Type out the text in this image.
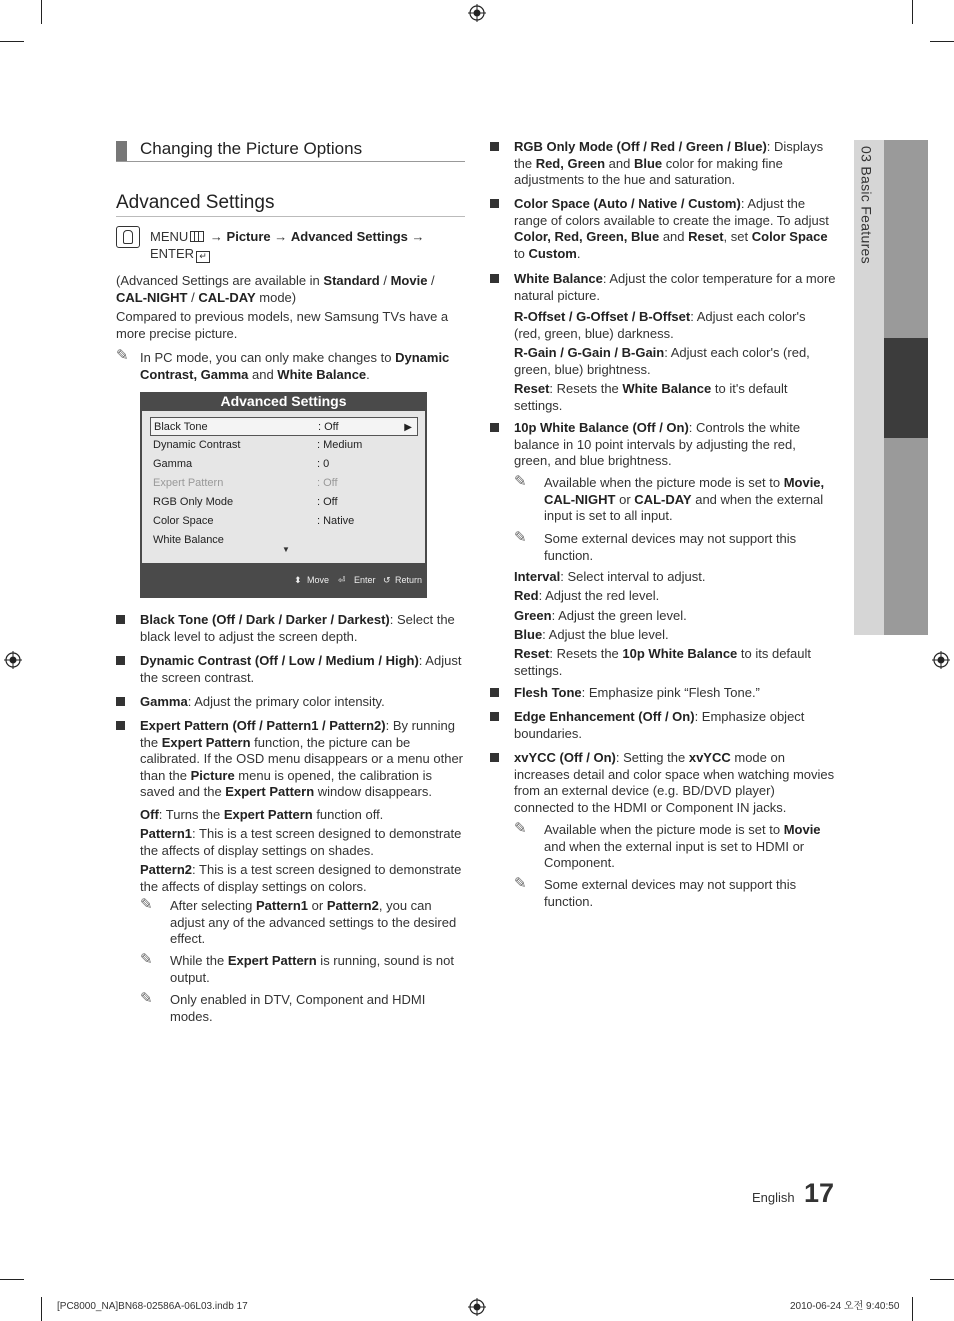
Changing the Picture Options
Advanced Settings
MENU → Picture → Advanced Settings →
ENTER ↵
(Advanced Settings are available in Standard / Movie /
CAL-NIGHT / CAL-DAY mode)
Compared to previous models, new Samsung TVs have a more precise picture.
✎ In PC mode, you can only make changes to Dynamic Contrast, Gamma and White Balance.
Advanced Settings
Black Tone	: Off	▶
Dynamic Contrast	: Medium
Gamma	: 0
Expert Pattern	: Off
RGB Only Mode	: Off
Color Space	: Native
White Balance
▼
⬍ Move ⏎ Enter ↺ Return
Black Tone (Off / Dark / Darker / Darkest): Select the black level to adjust the screen depth.
Dynamic Contrast (Off / Low / Medium / High): Adjust the screen contrast.
Gamma: Adjust the primary color intensity.
Expert Pattern (Off / Pattern1 / Pattern2): By running the Expert Pattern function, the picture can be calibrated. If the OSD menu disappears or a menu other than the Picture menu is opened, the calibration is saved and the Expert Pattern window disappears.
Off: Turns the Expert Pattern function off.
Pattern1: This is a test screen designed to demonstrate the affects of display settings on shades.
Pattern2: This is a test screen designed to demonstrate the affects of display settings on colors.
✎	After selecting Pattern1 or Pattern2, you can adjust any of the advanced settings to the desired effect.
✎	While the Expert Pattern is running, sound is not output.
✎	Only enabled in DTV, Component and HDMI modes.
RGB Only Mode (Off / Red / Green / Blue): Displays the Red, Green and Blue color for making fine adjustments to the hue and saturation.
Color Space (Auto / Native / Custom): Adjust the range of colors available to create the image. To adjust Color, Red, Green, Blue and Reset, set Color Space to Custom.
White Balance: Adjust the color temperature for a more natural picture.
R-Offset / G-Offset / B-Offset: Adjust each color's (red, green, blue) darkness.
R-Gain / G-Gain / B-Gain: Adjust each color's (red, green, blue) brightness.
Reset: Resets the White Balance to it's default settings.
10p White Balance (Off / On): Controls the white balance in 10 point intervals by adjusting the red, green, and blue brightness.
✎	Available when the picture mode is set to Movie,
CAL-NIGHT or CAL-DAY and when the external input is set to all input.
✎	Some external devices may not support this function.
Interval: Select interval to adjust.
Red: Adjust the red level.
Green: Adjust the green level.
Blue: Adjust the blue level.
Reset: Resets the 10p White Balance to its default settings.
Flesh Tone: Emphasize pink “Flesh Tone.”
Edge Enhancement (Off / On): Emphasize object boundaries.
xvYCC (Off / On): Setting the xvYCC mode on increases detail and color space when watching movies from an external device (e.g. BD/DVD player) connected to the HDMI or Component IN jacks.
✎	Available when the picture mode is set to Movie and when the external input is set to HDMI or Component.
✎	Some external devices may not support this function.
03 Basic Features
English 17
[PC8000_NA]BN68-02586A-06L03.indb 17	2010-06-24 오전 9:40:50
